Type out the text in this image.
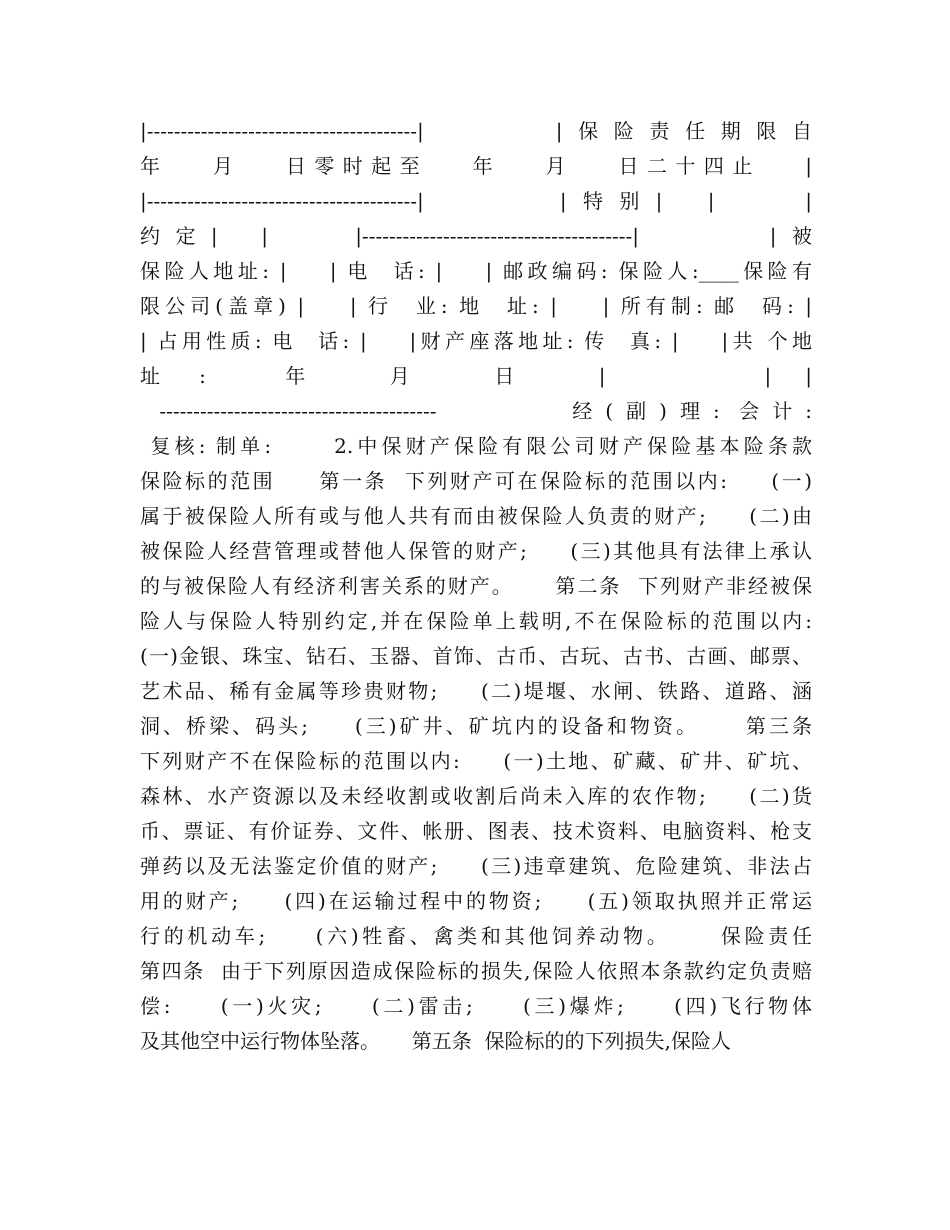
|----------------------------------------|      |保险责任期限自
年   月   日零时起至   年   月   日二十四止   |
|----------------------------------------|      |特别|  |    |
约定|  |    |----------------------------------------|      |被
保险人地址: |    | 电  话: |    | 邮政编码: 保险人:____保险有
限公司(盖章) |    | 行  业: 地  址: |    | 所有制: 邮  码: |
| 占用性质: 电  话: |    |财产座落地址: 传  真: |    |共 个地
址   :       年       月       日       |              |   |
-----------------------------------------       经(副)理: 会计:
复核: 制单:      2.中保财产保险有限公司财产保险基本险条款
保险标的范围     第一条  下列财产可在保险标的范围以内:     (一)
属于被保险人所有或与他人共有而由被保险人负责的财产;     (二)由
被保险人经营管理或替他人保管的财产;     (三)其他具有法律上承认
的与被保险人有经济利害关系的财产。     第二条  下列财产非经被保
险人与保险人特别约定,并在保险单上载明,不在保险标的范围以内:
(一)金银、珠宝、钻石、玉器、首饰、古币、古玩、古书、古画、邮票、
艺术品、稀有金属等珍贵财物;     (二)堤堰、水闸、铁路、道路、涵
洞、桥梁、码头;     (三)矿井、矿坑内的设备和物资。     第三条
下列财产不在保险标的范围以内:     (一)土地、矿藏、矿井、矿坑、
森林、水产资源以及未经收割或收割后尚未入库的农作物;     (二)货
币、票证、有价证券、文件、帐册、图表、技术资料、电脑资料、枪支
弹药以及无法鉴定价值的财产;     (三)违章建筑、危险建筑、非法占
用的财产;     (四)在运输过程中的物资;     (五)领取执照并正常运
行的机动车;     (六)牲畜、禽类和其他饲养动物。     保险责任
第四条  由于下列原因造成保险标的损失,保险人依照本条款约定负责赔
偿:     (一)火灾;     (二)雷击;     (三)爆炸;     (四)飞行物体
及其他空中运行物体坠落。     第五条  保险标的的下列损失,保险人
